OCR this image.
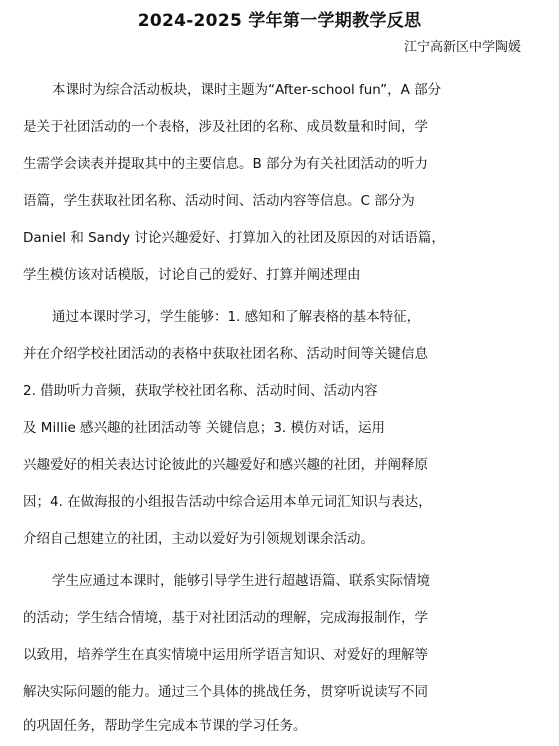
2024-2025 学年第一学期教学反思
江宁高新区中学陶媛
本课时为综合活动板块，课时主题为“After-school fun”，A 部分
是关于社团活动的一个表格，涉及社团的名称、成员数量和时间，学
生需学会读表并提取其中的主要信息。B 部分为有关社团活动的听力
语篇，学生获取社团名称、活动时间、活动内容等信息。C 部分为
Daniel 和 Sandy 讨论兴趣爱好、打算加入的社团及原因的对话语篇，
学生模仿该对话模版，讨论自己的爱好、打算并阐述理由
通过本课时学习，学生能够：1. 感知和了解表格的基本特征，
并在介绍学校社团活动的表格中获取社团名称、活动时间等关键信息
2. 借助听力音频，获取学校社团名称、活动时间、活动内容
及 Millie 感兴趣的社团活动等 关键信息；3. 模仿对话，运用
兴趣爱好的相关表达讨论彼此的兴趣爱好和感兴趣的社团，并阐释原
因；4. 在做海报的小组报告活动中综合运用本单元词汇知识与表达，
介绍自己想建立的社团，主动以爱好为引领规划课余活动。
学生应通过本课时，能够引导学生进行超越语篇、联系实际情境
的活动；学生结合情境，基于对社团活动的理解，完成海报制作，学
以致用，培养学生在真实情境中运用所学语言知识、对爱好的理解等
解决实际问题的能力。通过三个具体的挑战任务，贯穿听说读写不同
的巩固任务，帮助学生完成本节课的学习任务。
